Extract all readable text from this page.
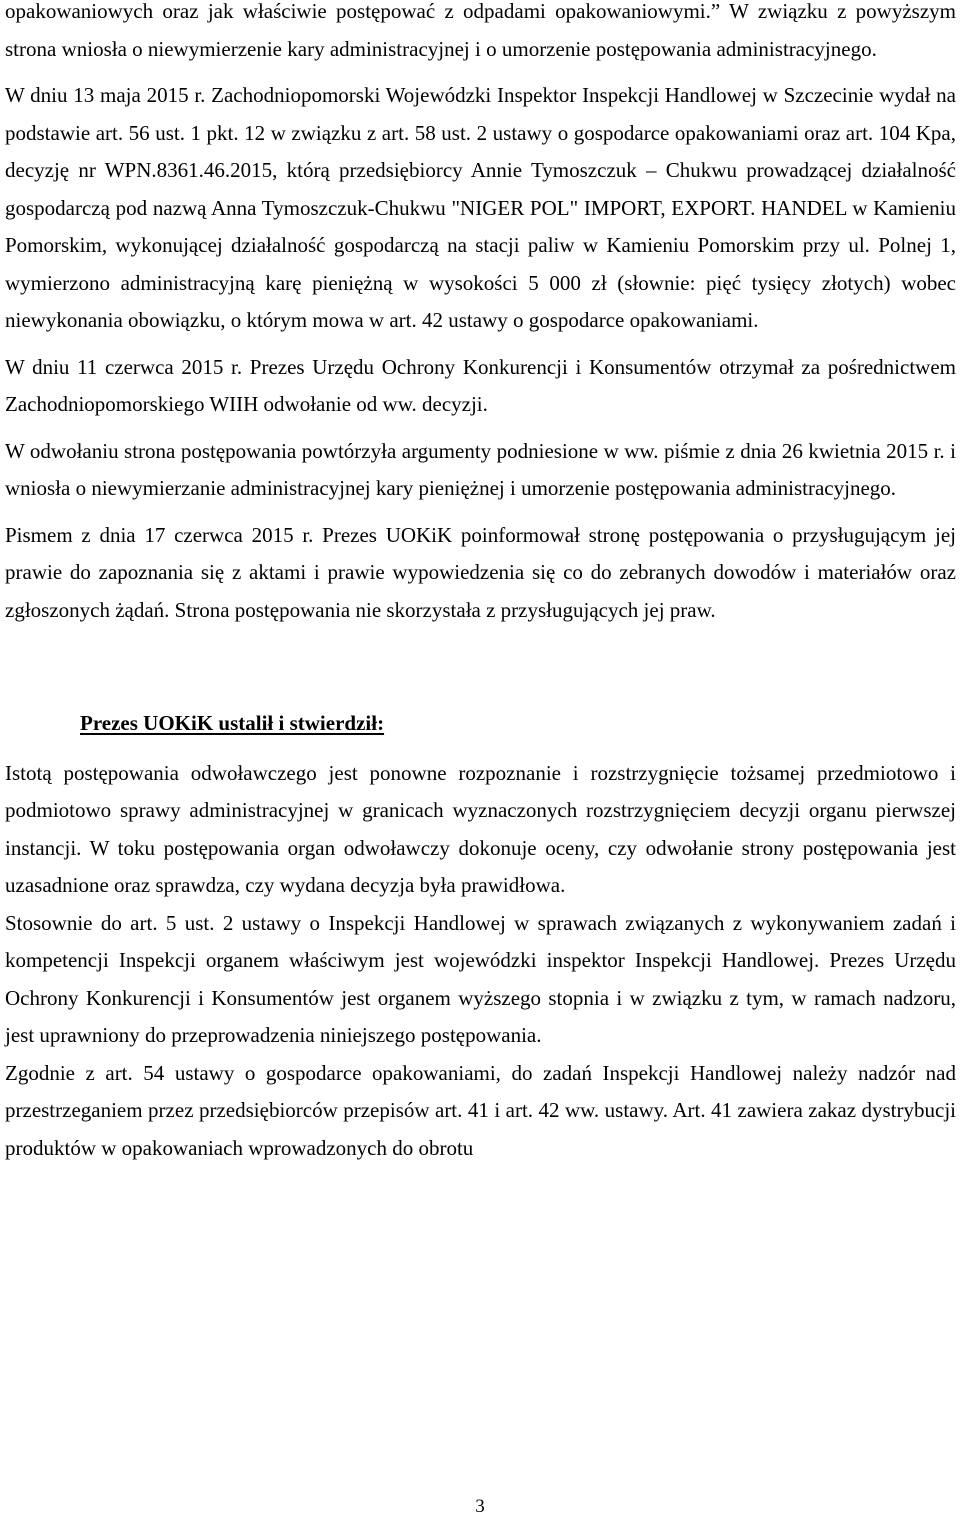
opakowaniowych oraz jak właściwie postępować z odpadami opakowaniowymi.” W związku z powyższym strona wniosła o niewymierzenie kary administracyjnej i o umorzenie postępowania administracyjnego.

W dniu 13 maja 2015 r. Zachodniopomorski Wojewódzki Inspektor Inspekcji Handlowej w Szczecinie wydał na podstawie art. 56 ust. 1 pkt. 12 w związku z art. 58 ust. 2 ustawy o gospodarce opakowaniami oraz art. 104 Kpa, decyzję nr WPN.8361.46.2015, którą przedsiębiorcy Annie Tymoszczuk – Chukwu prowadzącej działalność gospodarczą pod nazwą Anna Tymoszczuk-Chukwu "NIGER POL" IMPORT, EXPORT. HANDEL w Kamieniu Pomorskim, wykonującej działalność gospodarczą na stacji paliw w Kamieniu Pomorskim przy ul. Polnej 1, wymierzono administracyjną karę pieniężną w wysokości 5 000 zł (słownie: pięć tysięcy złotych) wobec niewykonania obowiązku, o którym mowa w art. 42 ustawy o gospodarce opakowaniami.

W dniu 11 czerwca 2015 r. Prezes Urzędu Ochrony Konkurencji i Konsumentów otrzymał za pośrednictwem Zachodniopomorskiego WIIH odwołanie od ww. decyzji.

W odwołaniu strona postępowania powtórzyła argumenty podniesione w ww. piśmie z dnia 26 kwietnia 2015 r. i wniosła o niewymierzanie administracyjnej kary pieniężnej i umorzenie postępowania administracyjnego.

Pismem z dnia 17 czerwca 2015 r. Prezes UOKiK poinformował stronę postępowania o przysługującym jej prawie do zapoznania się z aktami i prawie wypowiedzenia się co do zebranych dowodów i materiałów oraz zgłoszonych żądań. Strona postępowania nie skorzystała z przysługujących jej praw.

Prezes UOKiK ustalił i stwierdził:

Istotą postępowania odwoławczego jest ponowne rozpoznanie i rozstrzygnięcie tożsamej przedmiotowo i podmiotowo sprawy administracyjnej w granicach wyznaczonych rozstrzygnięciem decyzji organu pierwszej instancji. W toku postępowania organ odwoławczy dokonuje oceny, czy odwołanie strony postępowania jest uzasadnione oraz sprawdza, czy wydana decyzja była prawidłowa.

Stosownie do art. 5 ust. 2 ustawy o Inspekcji Handlowej w sprawach związanych z wykonywaniem zadań i kompetencji Inspekcji organem właściwym jest wojewódzki inspektor Inspekcji Handlowej. Prezes Urzędu Ochrony Konkurencji i Konsumentów jest organem wyższego stopnia i w związku z tym, w ramach nadzoru, jest uprawniony do przeprowadzenia niniejszego postępowania.

Zgodnie z art. 54 ustawy o gospodarce opakowaniami, do zadań Inspekcji Handlowej należy nadzór nad przestrzeganiem przez przedsiębiorców przepisów art. 41 i art. 42 ww. ustawy. Art. 41 zawiera zakaz dystrybucji produktów w opakowaniach wprowadzonych do obrotu

3
